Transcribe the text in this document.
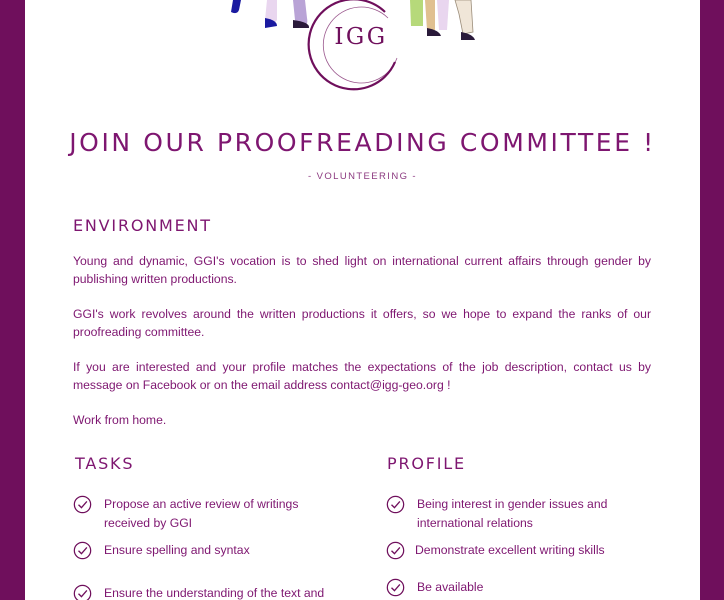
IGG
JOIN OUR PROOFREADING COMMITTEE !
- VOLUNTEERING -
ENVIRONMENT
Young and dynamic, GGI's vocation is to shed light on international current affairs through gender by publishing written productions.
GGI's work revolves around the written productions it offers, so we hope to expand the ranks of our proofreading committee.
If you are interested and your profile matches the expectations of the job description, contact us by message on Facebook or on the email address contact@igg-geo.org !
Work from home.
TASKS
Propose an active review of writings
received by GGI
Ensure spelling and syntax
Ensure the understanding of the text and
PROFILE
Being interest in gender issues and
international relations
Demonstrate excellent writing skills
Be available
